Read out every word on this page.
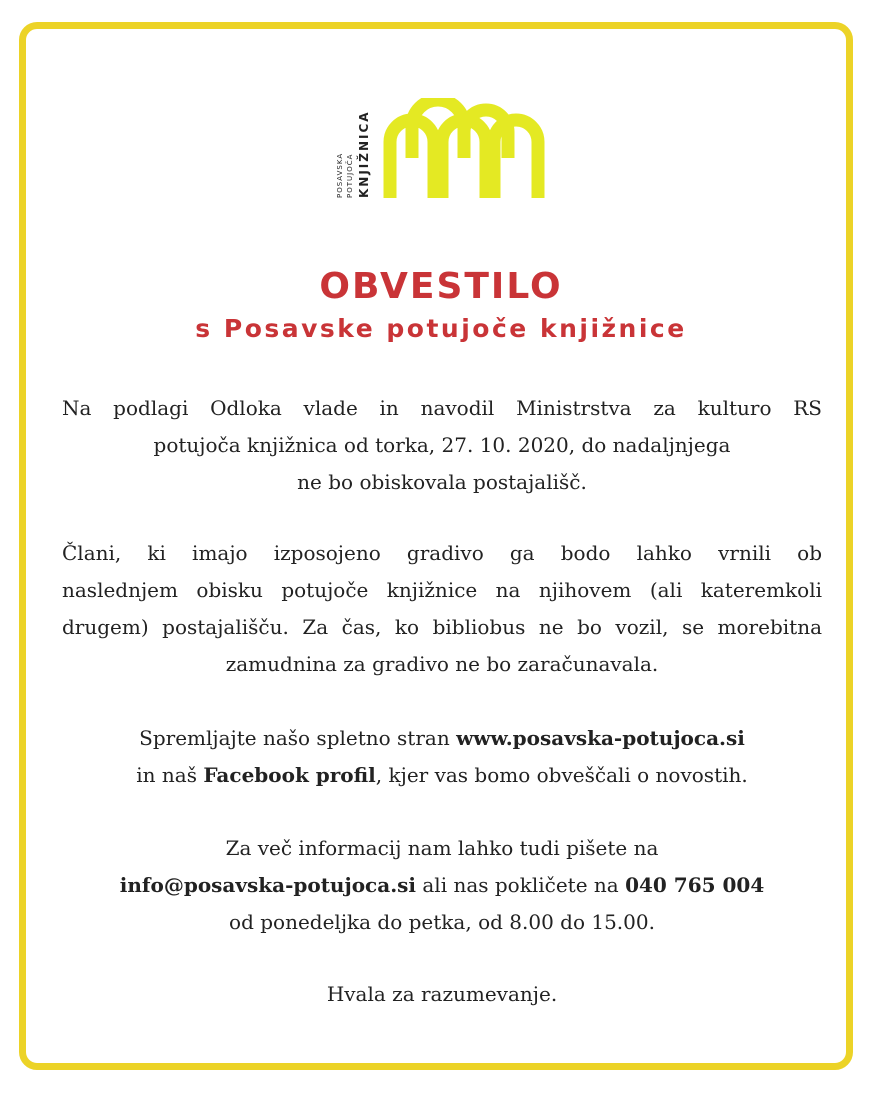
POSAVSKA POTUJOČA KNJIŽNICA
OBVESTILO
s Posavske potujoče knjižnice
Na podlagi Odloka vlade in navodil Ministrstva za kulturo RS
potujoča knjižnica od torka, 27. 10. 2020, do nadaljnjega
ne bo obiskovala postajališč.
Člani, ki imajo izposojeno gradivo ga bodo lahko vrnili ob
naslednjem obisku potujoče knjižnice na njihovem (ali kateremkoli
drugem) postajališču. Za čas, ko bibliobus ne bo vozil, se morebitna
zamudnina za gradivo ne bo zaračunavala.
Spremljajte našo spletno stran www.posavska-potujoca.si
in naš Facebook profil, kjer vas bomo obveščali o novostih.
Za več informacij nam lahko tudi pišete na
info@posavska-potujoca.si ali nas pokličete na 040 765 004
od ponedeljka do petka, od 8.00 do 15.00.
Hvala za razumevanje.
